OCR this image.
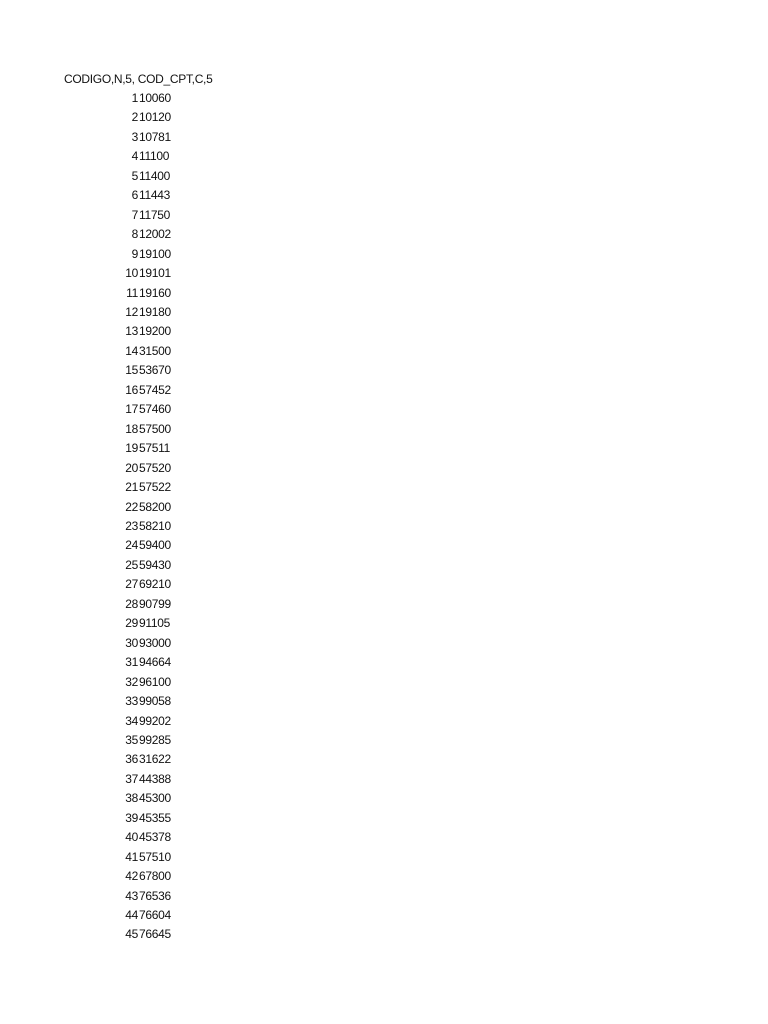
CODIGO,N,5, COD_CPT,C,5
1 10060
2 10120
3 10781
4 11100
5 11400
6 11443
7 11750
8 12002
9 19100
10 19101
11 19160
12 19180
13 19200
14 31500
15 53670
16 57452
17 57460
18 57500
19 57511
20 57520
21 57522
22 58200
23 58210
24 59400
25 59430
27 69210
28 90799
29 91105
30 93000
31 94664
32 96100
33 99058
34 99202
35 99285
36 31622
37 44388
38 45300
39 45355
40 45378
41 57510
42 67800
43 76536
44 76604
45 76645
